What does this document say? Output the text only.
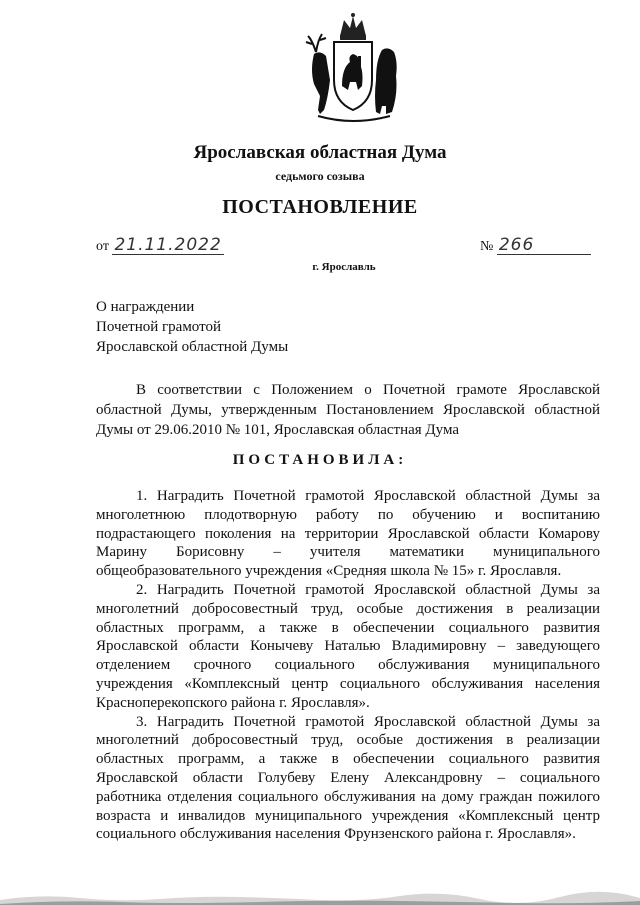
Ярославская областная Дума
седьмого созыва
ПОСТАНОВЛЕНИЕ
от 21.11.2022	№ 266
г. Ярославль
О награждении
Почетной грамотой
Ярославской областной Думы

В соответствии с Положением о Почетной грамоте Ярославской областной Думы, утвержденным Постановлением Ярославской областной Думы от 29.06.2010 № 101, Ярославская областная Дума

ПОСТАНОВИЛА:

1. Наградить Почетной грамотой Ярославской областной Думы за многолетнюю плодотворную работу по обучению и воспитанию подрастающего поколения на территории Ярославской области Комарову Марину Борисовну – учителя математики муниципального общеобразовательного учреждения «Средняя школа № 15» г. Ярославля.

2. Наградить Почетной грамотой Ярославской областной Думы за многолетний добросовестный труд, особые достижения в реализации областных программ, а также в обеспечении социального развития Ярославской области Конычеву Наталью Владимировну – заведующего отделением срочного социального обслуживания муниципального учреждения «Комплексный центр социального обслуживания населения Красноперекопского района г. Ярославля».

3. Наградить Почетной грамотой Ярославской областной Думы за многолетний добросовестный труд, особые достижения в реализации областных программ, а также в обеспечении социального развития Ярославской области Голубеву Елену Александровну – социального работника отделения социального обслуживания на дому граждан пожилого возраста и инвалидов муниципального учреждения «Комплексный центр социального обслуживания населения Фрунзенского района г. Ярославля».
